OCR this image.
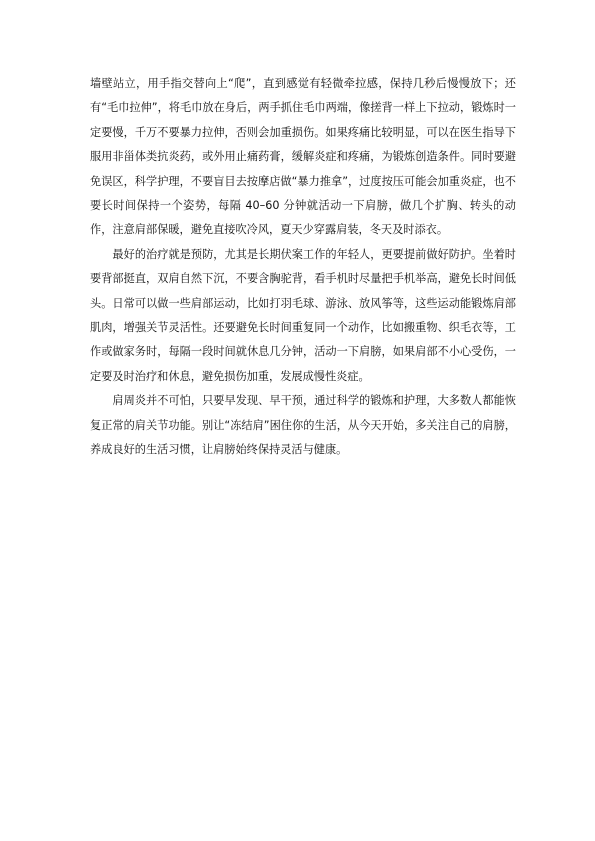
墙壁站立，用手指交替向上“爬”，直到感觉有轻微牵拉感，保持几秒后慢慢放下；还有“毛巾拉伸”，将毛巾放在身后，两手抓住毛巾两端，像搓背一样上下拉动，锻炼时一定要慢，千万不要暴力拉伸，否则会加重损伤。如果疼痛比较明显，可以在医生指导下服用非甾体类抗炎药，或外用止痛药膏，缓解炎症和疼痛，为锻炼创造条件。同时要避免误区，科学护理，不要盲目去按摩店做“暴力推拿”，过度按压可能会加重炎症，也不要长时间保持一个姿势，每隔 40–60 分钟就活动一下肩膀，做几个扩胸、转头的动作，注意肩部保暖，避免直接吹冷风，夏天少穿露肩装，冬天及时添衣。

最好的治疗就是预防，尤其是长期伏案工作的年轻人，更要提前做好防护。坐着时要背部挺直，双肩自然下沉，不要含胸驼背，看手机时尽量把手机举高，避免长时间低头。日常可以做一些肩部运动，比如打羽毛球、游泳、放风筝等，这些运动能锻炼肩部肌肉，增强关节灵活性。还要避免长时间重复同一个动作，比如搬重物、织毛衣等，工作或做家务时，每隔一段时间就休息几分钟，活动一下肩膀，如果肩部不小心受伤，一定要及时治疗和休息，避免损伤加重，发展成慢性炎症。

肩周炎并不可怕，只要早发现、早干预，通过科学的锻炼和护理，大多数人都能恢复正常的肩关节功能。别让“冻结肩”困住你的生活，从今天开始，多关注自己的肩膀，养成良好的生活习惯，让肩膀始终保持灵活与健康。
